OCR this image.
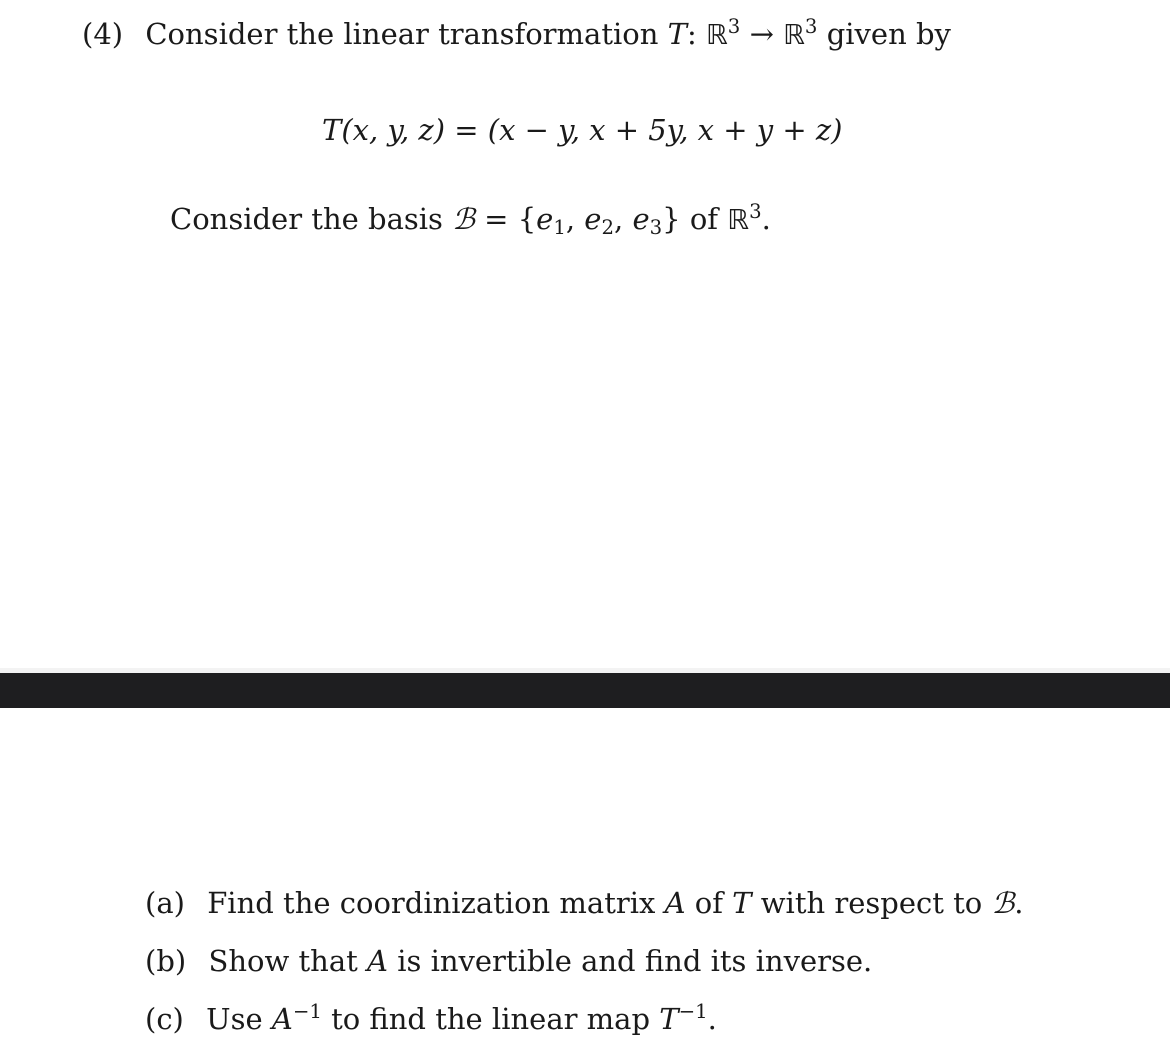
(4) Consider the linear transformation T: ℝ$^3$ → ℝ$^3$ given by
T(x, y, z) = (x − y, x + 5y, x + y + z)
Consider the basis ℬ = {$e_1$, $e_2$, $e_3$} of ℝ$^3$.
(a) Find the coordinization matrix A of T with respect to ℬ.
(b) Show that A is invertible and find its inverse.
(c) Use $A^{-1}$ to find the linear map $T^{-1}$.
